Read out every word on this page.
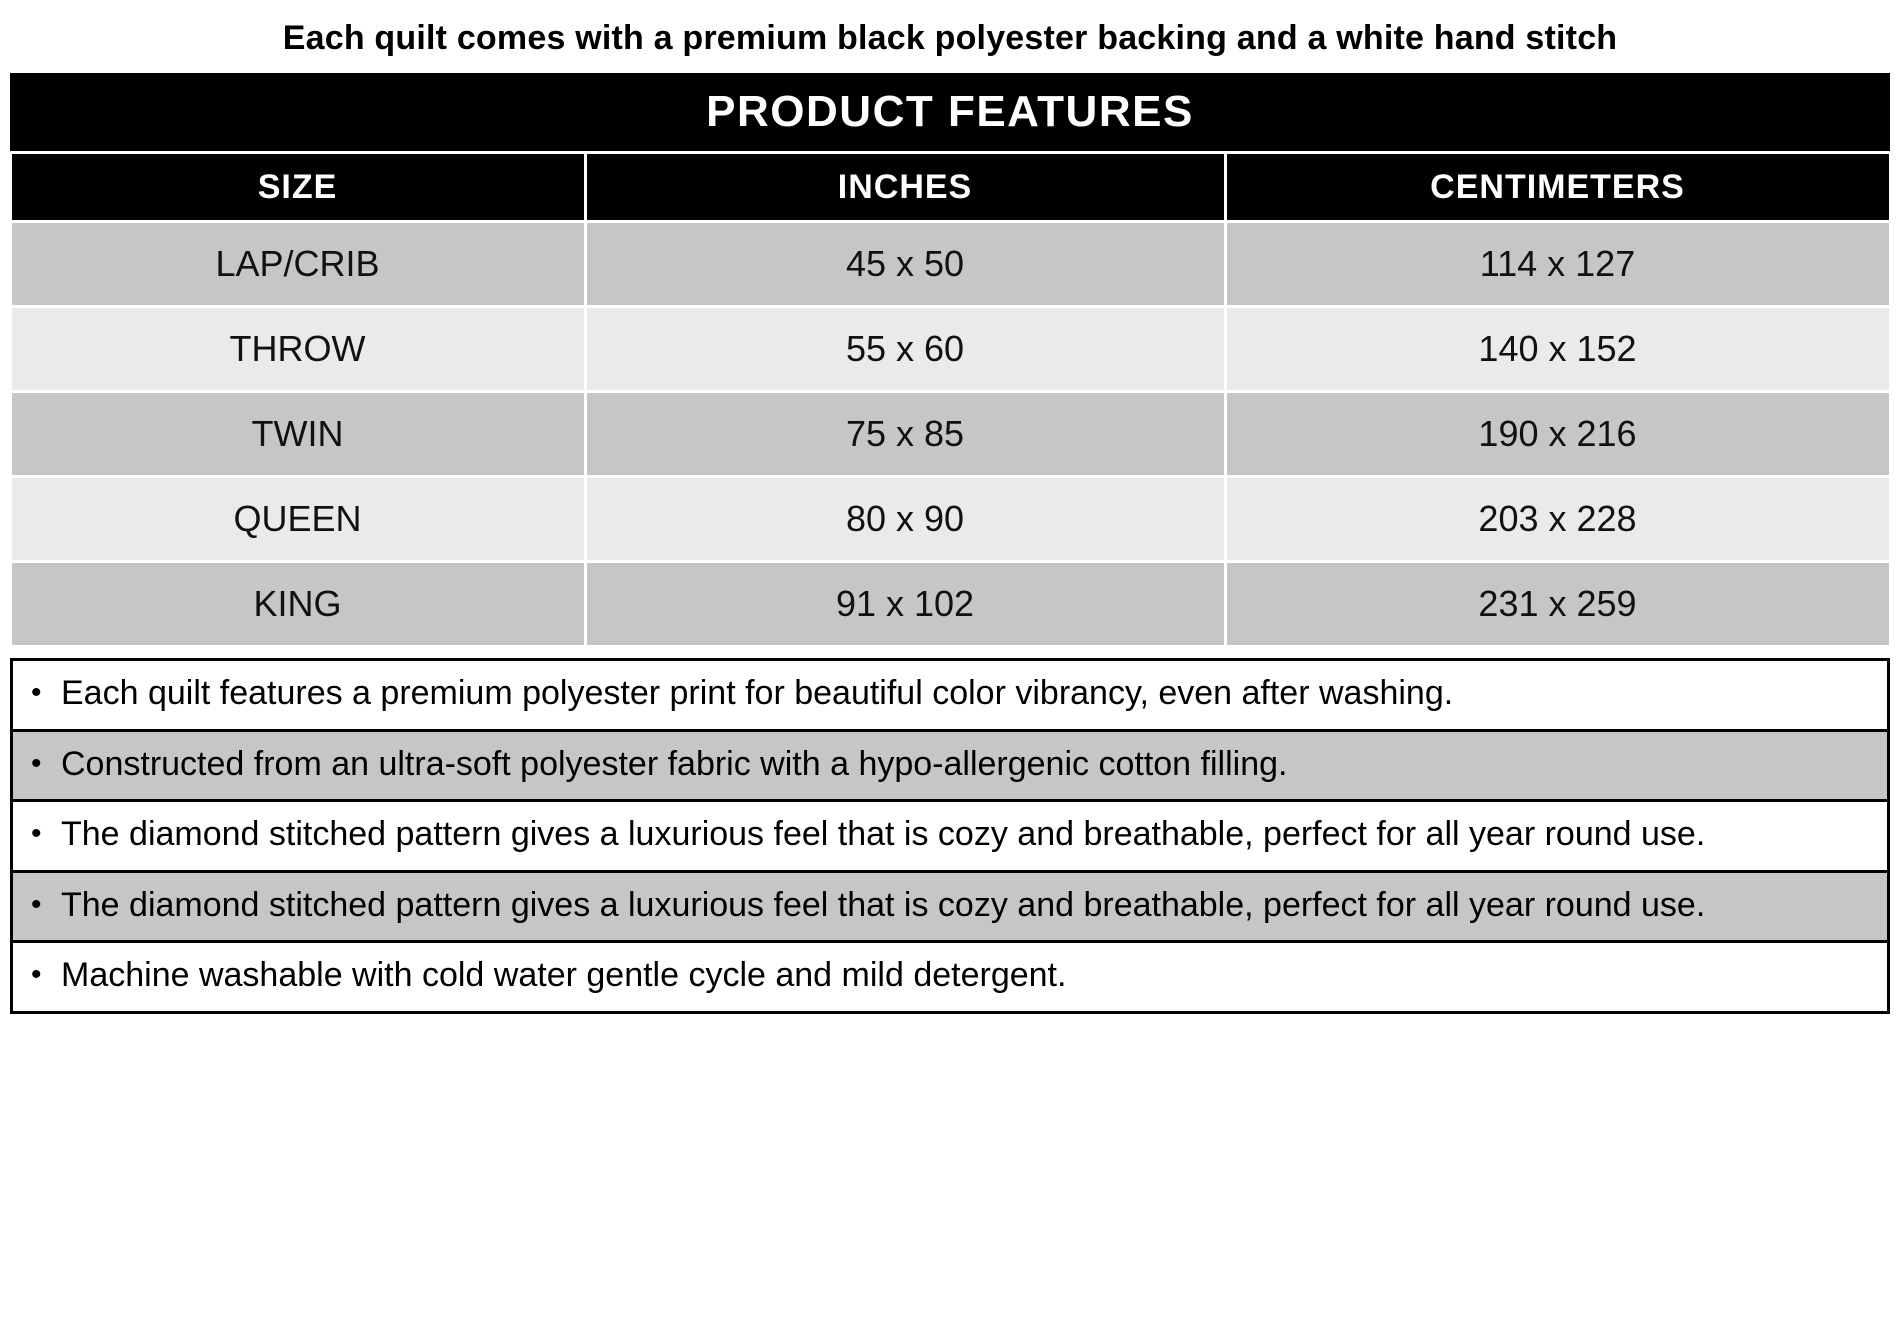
Each quilt comes with a premium black polyester backing and a white hand stitch
PRODUCT FEATURES		
SIZE	INCHES	CENTIMETERS
LAP/CRIB	45 x 50	114 x 127
THROW	55 x 60	140 x 152
TWIN	75 x 85	190 x 216
QUEEN	80 x 90	203 x 228
KING	91 x 102	231 x 259
• Each quilt features a premium polyester print for beautiful color vibrancy, even after washing.
• Constructed from an ultra-soft polyester fabric with a hypo-allergenic cotton filling.
• The diamond stitched pattern gives a luxurious feel that is cozy and breathable, perfect for all year round use.
• The diamond stitched pattern gives a luxurious feel that is cozy and breathable, perfect for all year round use.
• Machine washable with cold water gentle cycle and mild detergent.
